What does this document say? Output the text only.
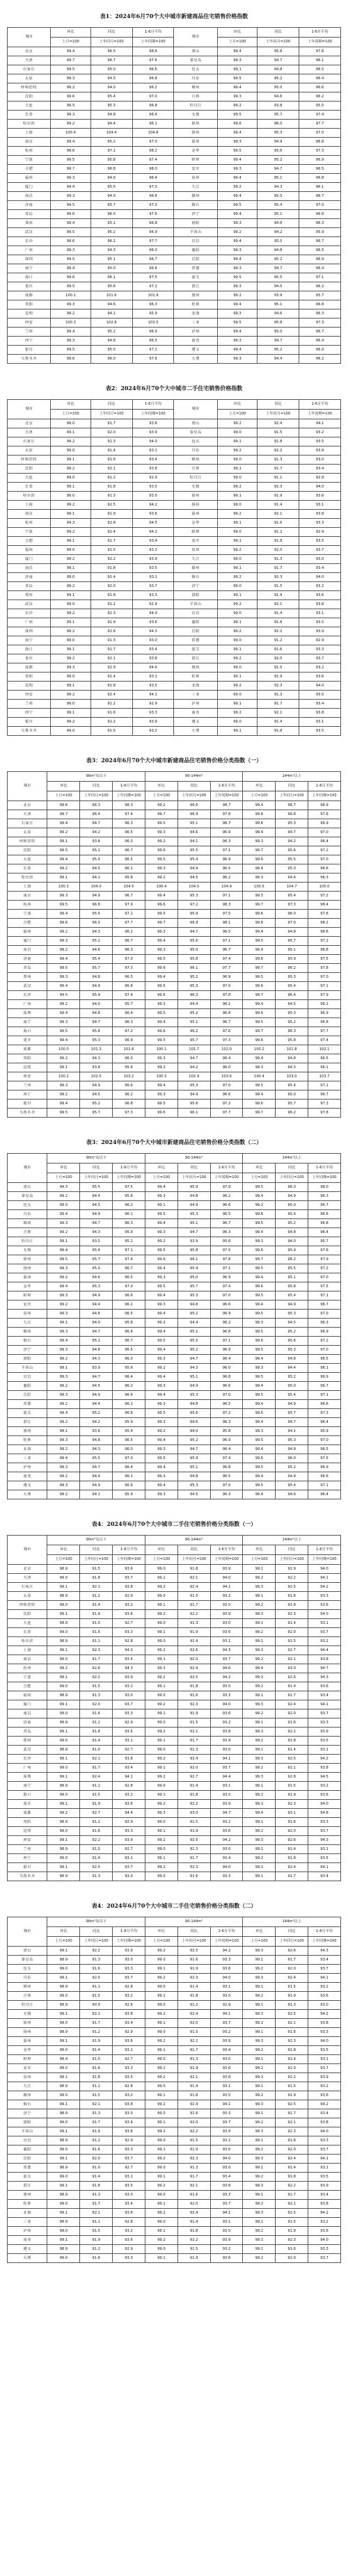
表1：2024年6月70个大中城市新建商品住宅销售价格指数
城市	环比	同比	1-6月平均	城市	环比	同比	1-6月平均
	上月=100	上年同月=100	上年同期=100		上月=100	上年同月=100	上年同期=100
北京	99.4	96.5	98.6	唐山	99.4	95.8	97.8
天津	99.7	96.7	97.6	秦皇岛	99.3	94.7	96.1
石家庄	99.5	95.0	96.6	包头	99.1	94.8	96.5
太原	99.3	94.5	96.8	丹东	99.5	95.2	96.4
呼和浩特	99.2	94.0	96.2	锦州	99.4	95.0	96.6
沈阳	99.6	95.4	97.0	吉林	99.3	94.6	96.2
大连	99.5	95.3	96.8	牡丹江	99.2	93.8	95.5
长春	99.3	94.8	96.4	无锡	99.5	95.7	97.4
哈尔滨	99.2	94.4	96.1	徐州	99.6	96.0	97.7
上海	100.4	104.4	104.8	扬州	99.4	95.3	97.0
南京	99.4	95.2	97.0	温州	99.3	94.9	96.8
杭州	99.6	97.1	98.2	金华	99.5	95.6	97.3
宁波	99.5	95.8	97.4	蚌埠	99.4	95.2	96.9
合肥	99.7	96.8	98.0	安庆	99.3	94.7	96.5
福州	99.3	94.6	96.4	泉州	99.4	95.1	96.8
厦门	99.4	95.5	97.0	九江	99.2	94.3	96.1
南昌	99.3	94.9	96.6	赣州	99.4	95.0	96.7
济南	99.5	95.7	97.3	烟台	99.5	95.4	97.0
青岛	99.6	96.0	97.6	济宁	99.4	95.1	96.8
郑州	99.4	95.1	96.8	洛阳	99.3	94.6	96.3
武汉	99.5	95.2	96.9	平顶山	99.2	94.2	95.9
长沙	99.6	96.2	97.7	宜昌	99.4	95.0	96.7
广州	99.3	94.3	96.0	襄阳	99.3	94.8	96.5
深圳	99.5	95.1	96.7	岳阳	99.4	95.2	96.9
南宁	99.4	95.0	96.6	常德	99.3	94.7	96.4
海口	99.6	96.1	97.5	韶关	99.5	95.5	97.1
重庆	99.5	95.6	97.2	湛江	99.3	94.5	96.2
成都	100.1	101.6	101.9	惠州	99.2	93.9	95.7
贵阳	99.3	94.6	96.3	桂林	99.4	95.1	96.8
昆明	99.2	94.1	95.9	北海	99.3	94.6	96.3
西安	100.3	102.8	103.5	三亚	99.5	95.8	97.3
兰州	99.4	95.2	96.9	泸州	99.4	95.0	96.7
西宁	99.3	94.8	96.5	南充	99.3	94.7	96.4
银川	99.5	95.5	97.1	遵义	99.4	95.2	96.9
乌鲁木齐	99.6	96.0	97.6	大理	99.3	94.4	96.2
表2：2024年6月70个大中城市二手住宅销售价格指数
城市	环比	同比	1-6月平均	城市	环比	同比	1-6月平均
	上月=100	上年同月=100	上年同期=100		上月=100	上年同月=100	上年同期=100
北京	99.0	91.7	93.8	唐山	99.2	92.4	94.1
天津	99.1	92.0	93.9	秦皇岛	99.0	91.5	93.2
石家庄	99.2	92.3	94.0	包头	99.1	91.8	93.5
太原	99.0	91.4	93.1	丹东	99.2	92.2	93.9
呼和浩特	99.1	91.6	93.4	锦州	99.0	91.3	93.0
沈阳	99.2	92.1	93.8	吉林	99.1	91.7	93.4
大连	99.0	91.2	92.9	牡丹江	99.0	91.1	92.8
长春	99.1	91.8	93.5	无锡	99.2	92.3	94.0
哈尔滨	99.0	91.3	93.0	徐州	99.1	91.9	93.6
上海	99.2	92.5	94.2	扬州	99.0	91.4	93.1
南京	99.1	91.9	93.6	温州	99.2	92.1	93.8
杭州	99.3	92.8	94.5	金华	99.1	91.6	93.3
宁波	99.2	92.4	94.1	蚌埠	99.0	91.2	92.9
合肥	99.1	91.7	93.4	安庆	99.1	91.8	93.5
福州	99.0	91.5	93.2	泉州	99.2	92.0	93.7
厦门	99.2	92.2	93.9	九江	99.0	91.3	93.0
南昌	99.1	91.8	93.5	赣州	99.1	91.7	93.4
济南	99.0	91.4	93.1	烟台	99.2	92.3	94.0
青岛	99.2	92.0	93.7	济宁	99.0	91.5	93.2
郑州	99.1	91.6	93.3	洛阳	99.1	91.9	93.6
武汉	99.0	91.2	92.9	平顶山	99.2	92.1	93.8
长沙	99.2	92.3	94.0	宜昌	99.0	91.4	93.1
广州	99.1	91.9	93.6	襄阳	99.1	91.8	93.5
深圳	99.2	92.6	94.3	岳阳	99.2	92.2	93.9
南宁	99.0	91.3	93.0	常德	99.0	91.2	92.9
海口	99.1	91.7	93.4	韶关	99.1	91.6	93.3
重庆	99.2	92.1	93.8	湛江	99.2	92.0	93.7
成都	99.3	92.9	94.6	惠州	99.0	91.5	93.2
贵阳	99.0	91.4	93.1	桂林	99.1	91.9	93.6
昆明	99.1	91.8	93.5	北海	99.2	92.3	94.0
西安	99.2	92.4	94.1	三亚	99.0	91.3	93.0
兰州	99.0	91.2	92.9	泸州	99.1	91.7	93.4
西宁	99.1	91.6	93.3	南充	99.2	92.1	93.8
银川	99.2	92.2	93.9	遵义	99.0	91.4	93.1
乌鲁木齐	99.0	91.5	93.2	大理	99.1	91.8	93.5
表3：2024年6月70个大中城市新建商品住宅销售价格分类指数（一）
城市	90m²及以下			90-144m²			144m²以上		
	环比	同比	1-6月平均	环比	同比	1-6月平均	环比	同比	1-6月平均
	上月=100	上年同月=100	上年同期=100	上月=100	上年同月=100	上年同期=100	上月=100	上年同月=100	上年同期=100
北京	99.6	96.3	98.3	99.2	96.6	98.7	99.4	96.7	98.9
天津	99.7	96.4	97.4	99.7	96.9	97.8	99.8	96.8	97.6
石家庄	99.4	94.7	96.3	99.5	95.1	96.7	99.6	95.3	96.9
太原	99.2	94.2	96.5	99.3	94.6	96.9	99.4	94.7	97.0
呼和浩特	99.1	93.8	96.0	99.2	94.1	96.3	99.3	94.2	96.4
沈阳	99.5	95.1	96.7	99.6	95.5	97.1	99.7	95.6	97.2
大连	99.4	95.0	96.5	99.5	95.4	96.9	99.6	95.5	97.0
长春	99.2	94.5	96.1	99.3	94.9	96.5	99.4	95.0	96.6
哈尔滨	99.1	94.1	95.8	99.2	94.5	96.2	99.3	94.6	96.3
上海	100.3	104.0	104.5	100.4	104.5	104.9	100.5	104.7	105.0
南京	99.3	94.9	96.7	99.4	95.3	97.1	99.5	95.4	97.2
杭州	99.5	96.8	97.9	99.6	97.2	98.3	99.7	97.3	98.4
宁波	99.4	95.5	97.1	99.5	95.9	97.5	99.6	96.0	97.6
合肥	99.6	96.5	97.7	99.7	96.9	98.1	99.8	97.0	98.2
福州	99.2	94.3	96.1	99.3	94.7	96.5	99.4	94.8	96.6
厦门	99.3	95.2	96.7	99.4	95.6	97.1	99.5	95.7	97.2
南昌	99.2	94.6	96.3	99.3	95.0	96.7	99.4	95.1	96.8
济南	99.4	95.4	97.0	99.5	95.8	97.4	99.6	95.9	97.5
青岛	99.5	95.7	97.3	99.6	96.1	97.7	99.7	96.2	97.8
郑州	99.3	94.8	96.5	99.4	95.2	96.9	99.5	95.3	97.0
武汉	99.4	94.9	96.6	99.5	95.3	97.0	99.6	95.4	97.1
长沙	99.5	95.9	97.4	99.6	96.3	97.8	99.7	96.4	97.9
广州	99.2	94.0	95.7	99.3	94.4	96.1	99.4	94.5	96.2
深圳	99.4	94.8	96.4	99.5	95.2	96.8	99.6	95.3	96.9
南宁	99.3	94.7	96.3	99.4	95.1	96.7	99.5	95.2	96.8
海口	99.5	95.8	97.2	99.6	96.2	97.6	99.7	96.3	97.7
重庆	99.4	95.3	96.9	99.5	95.7	97.3	99.6	95.8	97.4
成都	100.0	101.3	101.6	100.1	101.7	102.0	100.2	101.8	102.1
贵阳	99.2	94.3	96.0	99.3	94.7	96.4	99.4	94.8	96.5
昆明	99.1	93.8	95.6	99.2	94.2	96.0	99.3	94.3	96.1
西安	100.2	102.5	103.2	100.3	102.9	103.6	100.4	103.0	103.7
兰州	99.3	94.9	96.6	99.4	95.3	97.0	99.5	95.4	97.1
西宁	99.2	94.5	96.2	99.3	94.9	96.6	99.4	95.0	96.7
银川	99.4	95.2	96.8	99.5	95.6	97.2	99.6	95.7	97.3
乌鲁木齐	99.5	95.7	97.3	99.6	96.1	97.7	99.7	96.2	97.8
表3：2024年6月70个大中城市新建商品住宅销售价格分类指数（二）
城市	90m²及以下			90-144m²			144m²以上		
	环比	同比	1-6月平均	环比	同比	1-6月平均	环比	同比	1-6月平均
	上月=100	上年同月=100	上年同期=100	上月=100	上年同月=100	上年同期=100	上月=100	上年同月=100	上年同期=100
唐山	99.3	95.5	97.5	99.4	95.9	97.9	99.5	96.0	98.0
秦皇岛	99.2	94.4	95.8	99.3	94.8	96.2	99.4	94.9	96.3
包头	99.0	94.5	96.2	99.1	94.9	96.6	99.2	95.0	96.7
丹东	99.4	94.9	96.1	99.5	95.3	96.5	99.6	95.4	96.6
锦州	99.3	94.7	96.3	99.4	95.1	96.7	99.5	95.2	96.8
吉林	99.2	94.3	95.9	99.3	94.7	96.3	99.4	94.8	96.4
牡丹江	99.1	93.5	95.2	99.2	93.9	95.6	99.3	94.0	95.7
无锡	99.4	95.4	97.1	99.5	95.8	97.5	99.6	95.9	97.6
徐州	99.5	95.7	97.4	99.6	96.1	97.8	99.7	96.2	97.9
扬州	99.3	95.0	96.7	99.4	95.4	97.1	99.5	95.5	97.2
温州	99.2	94.6	96.5	99.3	95.0	96.9	99.4	95.1	97.0
金华	99.4	95.3	97.0	99.5	95.7	97.4	99.6	95.8	97.5
蚌埠	99.3	94.9	96.6	99.4	95.3	97.0	99.5	95.4	97.1
安庆	99.2	94.4	96.2	99.3	94.8	96.6	99.4	94.9	96.7
泉州	99.3	94.8	96.5	99.4	95.2	96.9	99.5	95.3	97.0
九江	99.1	94.0	95.8	99.2	94.4	96.2	99.3	94.5	96.3
赣州	99.3	94.7	96.4	99.4	95.1	96.8	99.5	95.2	96.9
烟台	99.4	95.1	96.7	99.5	95.5	97.1	99.6	95.6	97.2
济宁	99.3	94.8	96.5	99.4	95.2	96.9	99.5	95.3	97.0
洛阳	99.2	94.3	96.0	99.3	94.7	96.4	99.4	94.8	96.5
平顶山	99.1	93.9	95.6	99.2	94.3	96.0	99.3	94.4	96.1
宜昌	99.3	94.7	96.4	99.4	95.1	96.8	99.5	95.2	96.9
襄阳	99.2	94.5	96.2	99.3	94.9	96.6	99.4	95.0	96.7
岳阳	99.3	94.9	96.6	99.4	95.3	97.0	99.5	95.4	97.1
常德	99.2	94.4	96.1	99.3	94.8	96.5	99.4	94.9	96.6
韶关	99.4	95.2	96.8	99.5	95.6	97.2	99.6	95.7	97.3
湛江	99.2	94.2	95.9	99.3	94.6	96.3	99.4	94.7	96.4
惠州	99.1	93.6	95.4	99.2	94.0	95.8	99.3	94.1	95.9
桂林	99.3	94.8	96.5	99.4	95.2	96.9	99.5	95.3	97.0
北海	99.2	94.3	96.0	99.3	94.7	96.4	99.4	94.8	96.5
三亚	99.4	95.5	97.0	99.5	95.9	97.4	99.6	96.0	97.5
泸州	99.3	94.7	96.4	99.4	95.1	96.8	99.5	95.2	96.9
南充	99.2	94.4	96.1	99.3	94.8	96.5	99.4	94.9	96.6
遵义	99.3	94.9	96.6	99.4	95.3	97.0	99.5	95.4	97.1
大理	99.2	94.1	95.9	99.3	94.5	96.3	99.4	94.6	96.4
表4：2024年6月70个大中城市二手住宅销售价格分类指数（一）
城市	90m²及以下			90-144m²			144m²以上		
	环比	同比	1-6月平均	环比	同比	1-6月平均	环比	同比	1-6月平均
	上月=100	上年同月=100	上年同期=100	上月=100	上年同月=100	上年同期=100	上月=100	上年同月=100	上年同期=100
北京	98.9	91.5	93.6	99.0	91.8	93.9	99.1	91.9	94.0
天津	99.0	91.8	93.7	99.1	92.1	94.0	99.2	92.2	94.1
石家庄	99.1	92.1	93.8	99.2	92.4	94.1	99.3	92.5	94.2
太原	98.9	91.2	92.9	99.0	91.5	93.2	99.1	91.6	93.3
呼和浩特	99.0	91.4	93.2	99.1	91.7	93.5	99.2	91.8	93.6
沈阳	99.1	91.9	93.6	99.2	92.2	93.9	99.3	92.3	94.0
大连	98.9	91.0	92.7	99.0	91.3	93.0	99.1	91.4	93.1
长春	99.0	91.6	93.3	99.1	91.9	93.6	99.2	92.0	93.7
哈尔滨	98.9	91.1	92.8	99.0	91.4	93.1	99.1	91.5	93.2
上海	99.1	92.3	94.0	99.2	92.6	94.3	99.3	92.7	94.4
南京	99.0	91.7	93.4	99.1	92.0	93.7	99.2	92.1	93.8
杭州	99.2	92.6	94.3	99.3	92.9	94.6	99.4	93.0	94.7
宁波	99.1	92.2	93.9	99.2	92.5	94.2	99.3	92.6	94.3
合肥	99.0	91.5	93.2	99.1	91.8	93.5	99.2	91.9	93.6
福州	98.9	91.3	93.0	99.0	91.6	93.3	99.1	91.7	93.4
厦门	99.1	92.0	93.7	99.2	92.3	94.0	99.3	92.4	94.1
南昌	99.0	91.6	93.3	99.1	91.9	93.6	99.2	92.0	93.7
济南	98.9	91.2	92.9	99.0	91.5	93.2	99.1	91.6	93.3
青岛	99.1	91.8	93.5	99.2	92.1	93.8	99.3	92.2	93.9
郑州	99.0	91.4	93.1	99.1	91.7	93.4	99.2	91.8	93.5
武汉	98.9	91.0	92.7	99.0	91.3	93.0	99.1	91.4	93.1
长沙	99.1	92.1	93.8	99.2	92.4	94.1	99.3	92.5	94.2
广州	99.0	91.7	93.4	99.1	92.0	93.7	99.2	92.1	93.8
深圳	99.1	92.4	94.1	99.2	92.7	94.4	99.3	92.8	94.5
南宁	98.9	91.1	92.8	99.0	91.4	93.1	99.1	91.5	93.2
海口	99.0	91.5	93.2	99.1	91.8	93.5	99.2	91.9	93.6
重庆	99.1	91.9	93.6	99.2	92.2	93.9	99.3	92.3	94.0
成都	99.2	92.7	94.4	99.3	93.0	94.7	99.4	93.1	94.8
贵阳	98.9	91.2	92.9	99.0	91.5	93.2	99.1	91.6	93.3
昆明	99.0	91.6	93.3	99.1	91.9	93.6	99.2	92.0	93.7
西安	99.1	92.2	93.9	99.2	92.5	94.2	99.3	92.6	94.3
兰州	98.9	91.0	92.7	99.0	91.3	93.0	99.1	91.4	93.1
西宁	99.0	91.4	93.1	99.1	91.7	93.4	99.2	91.8	93.5
银川	99.1	92.0	93.7	99.2	92.3	94.0	99.3	92.4	94.1
乌鲁木齐	98.9	91.3	93.0	99.0	91.6	93.3	99.1	91.7	93.4
表4：2024年6月70个大中城市二手住宅销售价格分类指数（二）
城市	90m²及以下			90-144m²			144m²以上		
	环比	同比	1-6月平均	环比	同比	1-6月平均	环比	同比	1-6月平均
	上月=100	上年同月=100	上年同期=100	上月=100	上年同月=100	上年同期=100	上月=100	上年同月=100	上年同期=100
唐山	99.1	92.2	93.9	99.2	92.5	94.2	99.3	92.6	94.3
秦皇岛	98.9	91.3	93.0	99.0	91.6	93.3	99.1	91.7	93.4
包头	99.0	91.6	93.3	99.1	91.9	93.6	99.2	92.0	93.7
丹东	99.1	92.0	93.7	99.2	92.3	94.0	99.3	92.4	94.1
锦州	98.9	91.1	92.8	99.0	91.4	93.1	99.1	91.5	93.2
吉林	99.0	91.5	93.2	99.1	91.8	93.5	99.2	91.9	93.6
牡丹江	98.9	90.9	92.6	99.0	91.2	92.9	99.1	91.3	93.0
无锡	99.1	92.1	93.8	99.2	92.4	94.1	99.3	92.5	94.2
徐州	99.0	91.7	93.4	99.1	92.0	93.7	99.2	92.1	93.8
扬州	98.9	91.2	92.9	99.0	91.5	93.2	99.1	91.6	93.3
温州	99.1	91.9	93.6	99.2	92.2	93.9	99.3	92.3	94.0
金华	99.0	91.4	93.1	99.1	91.7	93.4	99.2	91.8	93.5
蚌埠	98.9	91.0	92.7	99.0	91.3	93.0	99.1	91.4	93.1
安庆	99.0	91.6	93.3	99.1	91.9	93.6	99.2	92.0	93.7
泉州	99.1	91.8	93.5	99.2	92.1	93.8	99.3	92.2	93.9
九江	98.9	91.1	92.8	99.0	91.4	93.1	99.1	91.5	93.2
赣州	99.0	91.5	93.2	99.1	91.8	93.5	99.2	91.9	93.6
烟台	99.1	92.1	93.8	99.2	92.4	94.1	99.3	92.5	94.2
济宁	98.9	91.3	93.0	99.0	91.6	93.3	99.1	91.7	93.4
洛阳	99.0	91.7	93.4	99.1	92.0	93.7	99.2	92.1	93.8
平顶山	99.1	91.9	93.6	99.2	92.2	93.9	99.3	92.3	94.0
宜昌	98.9	91.2	92.9	99.0	91.5	93.2	99.1	91.6	93.3
襄阳	99.0	91.6	93.3	99.1	91.9	93.6	99.2	92.0	93.7
岳阳	99.1	92.0	93.7	99.2	92.3	94.0	99.3	92.4	94.1
常德	98.9	91.0	92.7	99.0	91.3	93.0	99.1	91.4	93.1
韶关	99.0	91.4	93.1	99.1	91.7	93.4	99.2	91.8	93.5
湛江	99.1	91.8	93.5	99.2	92.1	93.8	99.3	92.2	93.9
惠州	98.9	91.3	93.0	99.0	91.6	93.3	99.1	91.7	93.4
桂林	99.0	91.7	93.4	99.1	92.0	93.7	99.2	92.1	93.8
北海	99.1	92.1	93.8	99.2	92.4	94.1	99.3	92.5	94.2
三亚	98.9	91.1	92.8	99.0	91.4	93.1	99.1	91.5	93.2
泸州	99.0	91.5	93.2	99.1	91.8	93.5	99.2	91.9	93.6
南充	99.1	91.9	93.6	99.2	92.2	93.9	99.3	92.3	94.0
遵义	98.9	91.2	92.9	99.0	91.5	93.2	99.1	91.6	93.3
大理	99.0	91.6	93.3	99.1	91.9	93.6	99.2	92.0	93.7
